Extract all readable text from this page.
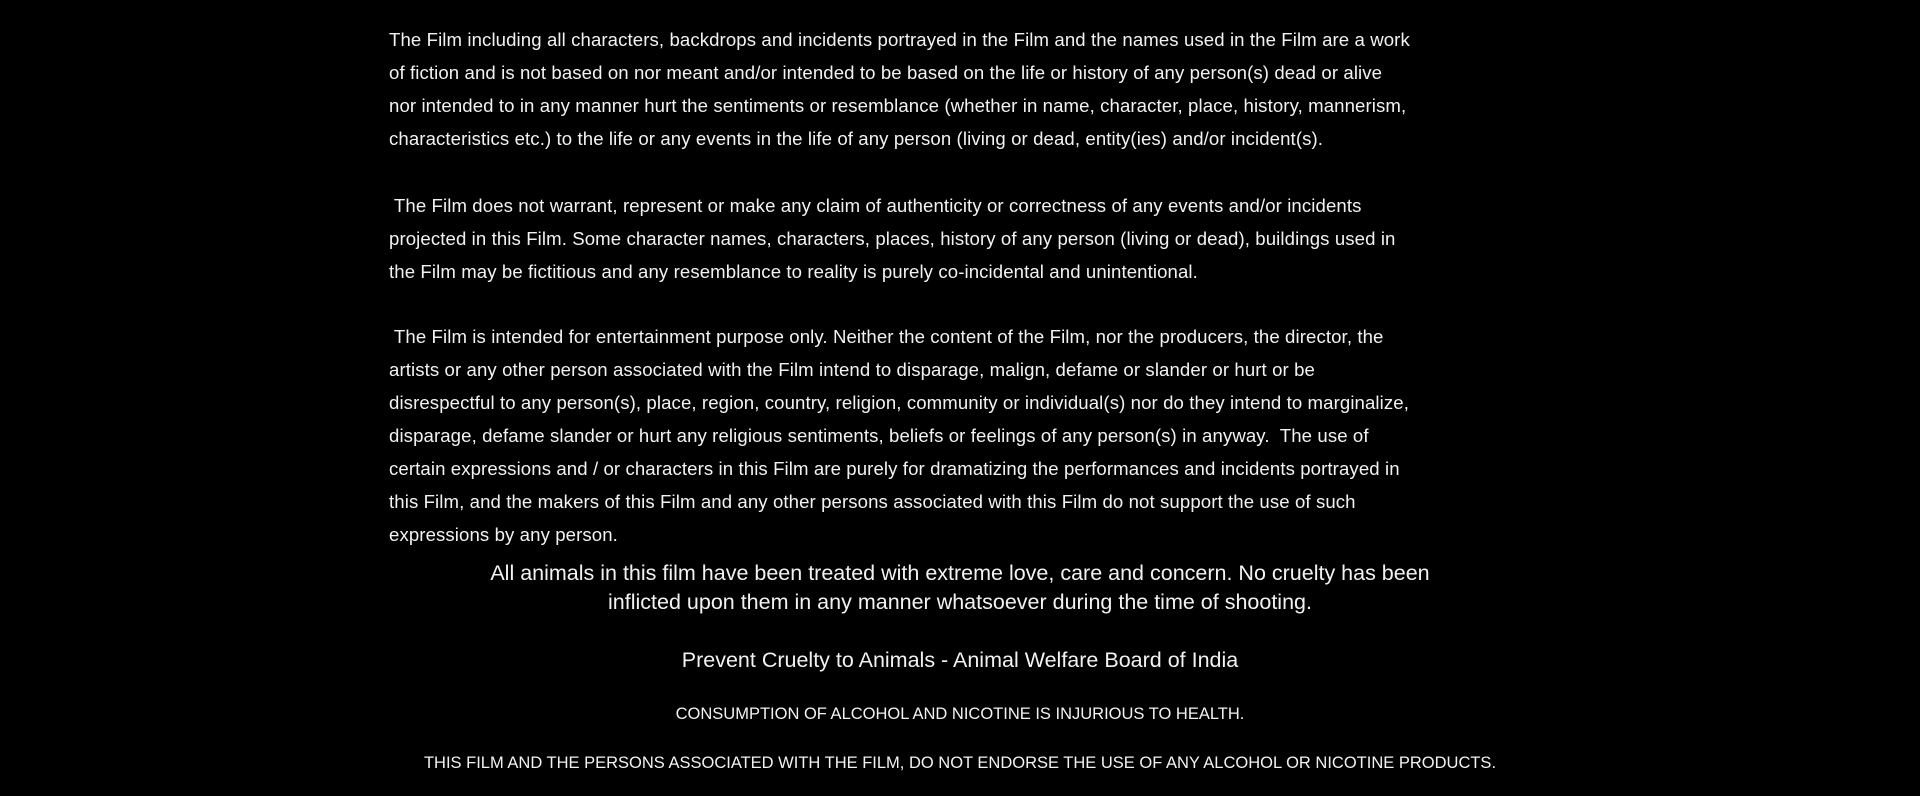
The Film including all characters, backdrops and incidents portrayed in the Film and the names used in the Film are a work
of fiction and is not based on nor meant and/or intended to be based on the life or history of any person(s) dead or alive
nor intended to in any manner hurt the sentiments or resemblance (whether in name, character, place, history, mannerism,
characteristics etc.) to the life or any events in the life of any person (living or dead, entity(ies) and/or incident(s).
The Film does not warrant, represent or make any claim of authenticity or correctness of any events and/or incidents
projected in this Film. Some character names, characters, places, history of any person (living or dead), buildings used in
the Film may be fictitious and any resemblance to reality is purely co-incidental and unintentional.
The Film is intended for entertainment purpose only. Neither the content of the Film, nor the producers, the director, the
artists or any other person associated with the Film intend to disparage, malign, defame or slander or hurt or be
disrespectful to any person(s), place, region, country, religion, community or individual(s) nor do they intend to marginalize,
disparage, defame slander or hurt any religious sentiments, beliefs or feelings of any person(s) in anyway.  The use of
certain expressions and / or characters in this Film are purely for dramatizing the performances and incidents portrayed in
this Film, and the makers of this Film and any other persons associated with this Film do not support the use of such
expressions by any person.
All animals in this film have been treated with extreme love, care and concern. No cruelty has been
inflicted upon them in any manner whatsoever during the time of shooting.
Prevent Cruelty to Animals - Animal Welfare Board of India
CONSUMPTION OF ALCOHOL AND NICOTINE IS INJURIOUS TO HEALTH.
THIS FILM AND THE PERSONS ASSOCIATED WITH THE FILM, DO NOT ENDORSE THE USE OF ANY ALCOHOL OR NICOTINE PRODUCTS.
